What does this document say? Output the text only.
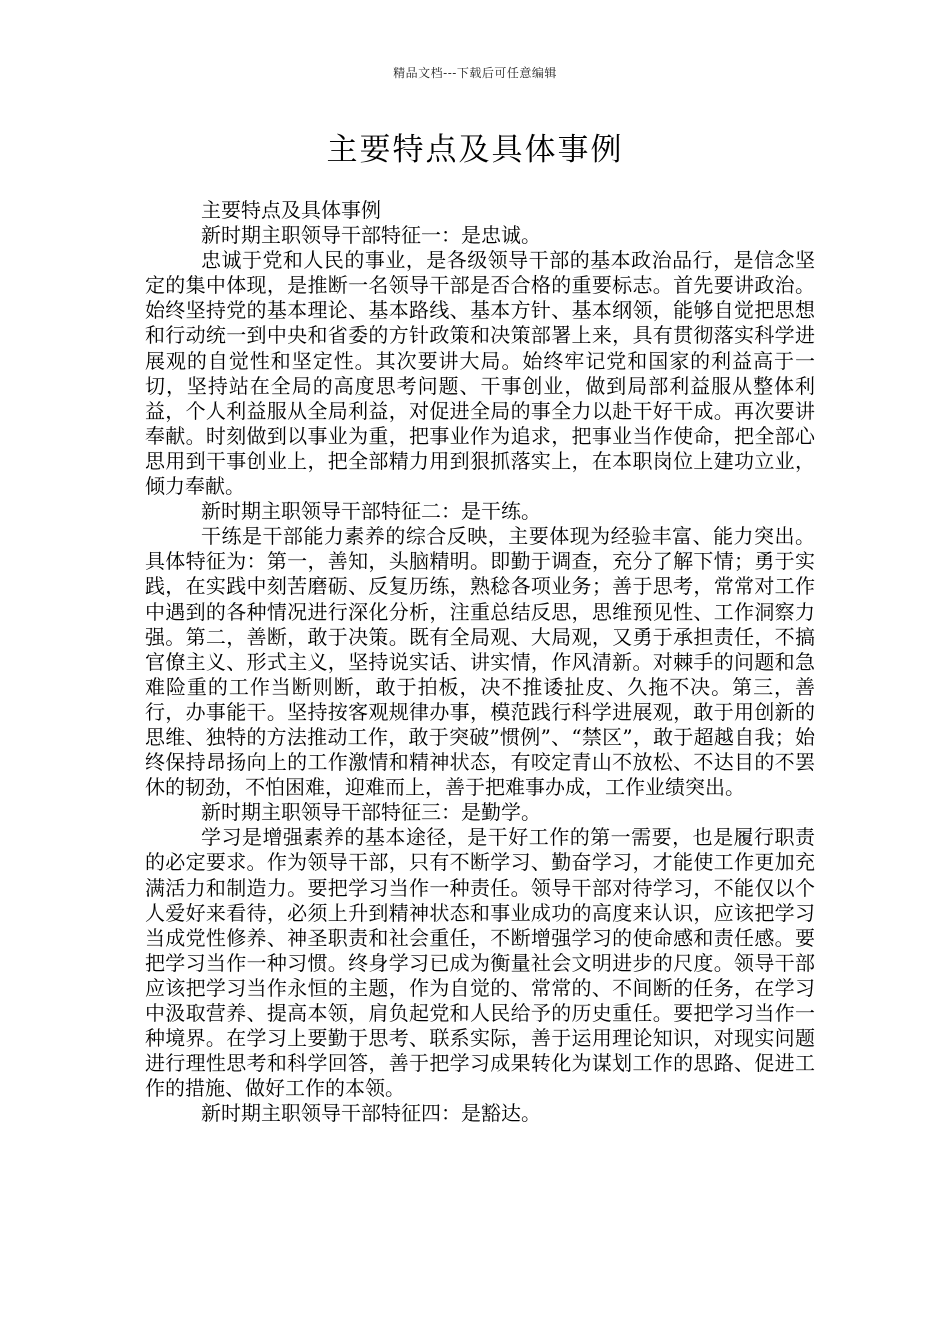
精品文档---下载后可任意编辑
主要特点及具体事例

主要特点及具体事例

新时期主职领导干部特征一：是忠诚。

忠诚于党和人民的事业，是各级领导干部的基本政治品行，是信念坚定的集中体现，是推断一名领导干部是否合格的重要标志。首先要讲政治。始终坚持党的基本理论、基本路线、基本方针、基本纲领，能够自觉把思想和行动统一到中央和省委的方针政策和决策部署上来，具有贯彻落实科学进展观的自觉性和坚定性。其次要讲大局。始终牢记党和国家的利益高于一切，坚持站在全局的高度思考问题、干事创业，做到局部利益服从整体利益，个人利益服从全局利益，对促进全局的事全力以赴干好干成。再次要讲奉献。时刻做到以事业为重，把事业作为追求，把事业当作使命，把全部心思用到干事创业上，把全部精力用到狠抓落实上，在本职岗位上建功立业，倾力奉献。

新时期主职领导干部特征二：是干练。

干练是干部能力素养的综合反映，主要体现为经验丰富、能力突出。具体特征为：第一，善知，头脑精明。即勤于调查，充分了解下情；勇于实践，在实践中刻苦磨砺、反复历练，熟稔各项业务；善于思考，常常对工作中遇到的各种情况进行深化分析，注重总结反思，思维预见性、工作洞察力强。第二，善断，敢于决策。既有全局观、大局观，又勇于承担责任，不搞官僚主义、形式主义，坚持说实话、讲实情，作风清新。对棘手的问题和急难险重的工作当断则断，敢于拍板，决不推诿扯皮、久拖不决。第三，善行，办事能干。坚持按客观规律办事，模范践行科学进展观，敢于用创新的思维、独特的方法推动工作，敢于突破”惯例”、“禁区”，敢于超越自我；始终保持昂扬向上的工作激情和精神状态，有咬定青山不放松、不达目的不罢休的韧劲，不怕困难，迎难而上，善于把难事办成，工作业绩突出。

新时期主职领导干部特征三：是勤学。

学习是增强素养的基本途径，是干好工作的第一需要，也是履行职责的必定要求。作为领导干部，只有不断学习、勤奋学习，才能使工作更加充满活力和制造力。要把学习当作一种责任。领导干部对待学习，不能仅以个人爱好来看待，必须上升到精神状态和事业成功的高度来认识，应该把学习当成党性修养、神圣职责和社会重任，不断增强学习的使命感和责任感。要把学习当作一种习惯。终身学习已成为衡量社会文明进步的尺度。领导干部应该把学习当作永恒的主题，作为自觉的、常常的、不间断的任务，在学习中汲取营养、提高本领，肩负起党和人民给予的历史重任。要把学习当作一种境界。在学习上要勤于思考、联系实际，善于运用理论知识，对现实问题进行理性思考和科学回答，善于把学习成果转化为谋划工作的思路、促进工作的措施、做好工作的本领。

新时期主职领导干部特征四：是豁达。
